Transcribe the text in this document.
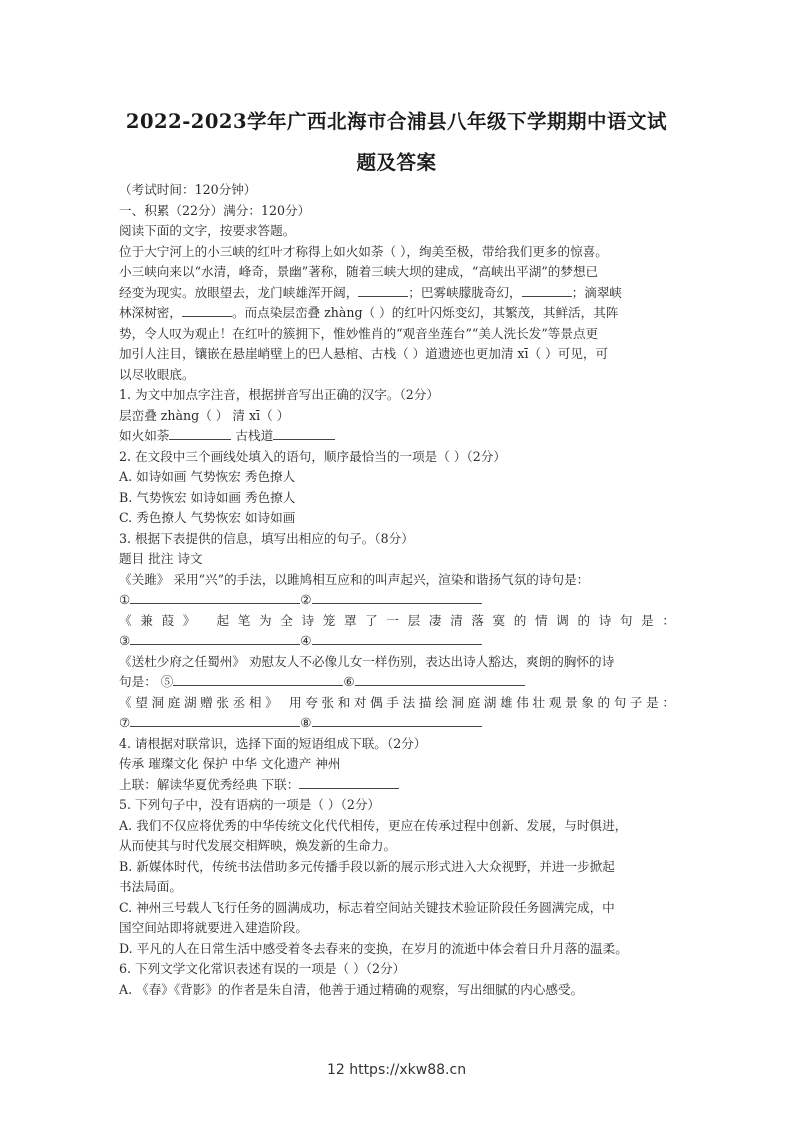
2022-2023学年广西北海市合浦县八年级下学期期中语文试
题及答案
（考试时间：120分钟）
一、积累（22分）满分：120分）
阅读下面的文字，按要求答题。
位于大宁河上的小三峡的红叶才称得上如火如荼（ ），绚美至极，带给我们更多的惊喜。
小三峡向来以“水清，峰奇，景幽”著称，随着三峡大坝的建成，“高峡出平湖”的梦想已
经变为现实。放眼望去，龙门峡雄浑开阔，	；巴雾峡朦胧奇幻，	；滴翠峡
林深树密，	。而点染层峦叠 zhàng（ ）的红叶闪烁变幻，其繁茂，其鲜活，其阵
势，令人叹为观止！在红叶的簇拥下，惟妙惟肖的“观音坐莲台”“美人洗长发”等景点更
加引人注目，镶嵌在悬崖峭壁上的巴人悬棺、古栈（ ）道遗迹也更加清 xī（ ）可见，可
以尽收眼底。
1. 为文中加点字注音，根据拼音写出正确的汉字。（2分）
层峦叠 zhàng（ ） 清 xī（ ）
如火如荼	古栈道
2. 在文段中三个画线处填入的语句，顺序最恰当的一项是（ ）（2分）
A. 如诗如画 气势恢宏 秀色撩人
B. 气势恢宏 如诗如画 秀色撩人
C. 秀色撩人 气势恢宏 如诗如画
3. 根据下表提供的信息，填写出相应的句子。（8分）
题目 批注 诗文
《关雎》 采用“兴”的手法，以雎鸠相互应和的叫声起兴，渲染和谐扬气氛的诗句是：
①	②
《兼葭》 起笔为全诗笼罩了一层凄清落寞的情调的诗句是：
③	④
《送杜少府之任蜀州》 劝慰友人不必像儿女一样伤别，表达出诗人豁达，爽朗的胸怀的诗
句是： ⑤	⑥
《望洞庭湖赠张丞相》 用夸张和对偶手法描绘洞庭湖雄伟壮观景象的句子是：
⑦	⑧
4. 请根据对联常识，选择下面的短语组成下联。（2分）
传承 璀璨文化 保护 中华 文化遗产 神州
上联：解读华夏优秀经典 下联：
5. 下列句子中，没有语病的一项是（ ）（2分）
A. 我们不仅应将优秀的中华传统文化代代相传，更应在传承过程中创新、发展，与时俱进，
从而使其与时代发展交相辉映，焕发新的生命力。
B. 新媒体时代，传统书法借助多元传播手段以新的展示形式进入大众视野，并进一步掀起
书法局面。
C. 神州三号载人飞行任务的圆满成功，标志着空间站关键技术验证阶段任务圆满完成，中
国空间站即将就要进入建造阶段。
D. 平凡的人在日常生活中感受着冬去春来的变换，在岁月的流逝中体会着日升月落的温柔。
6. 下列文学文化常识表述有误的一项是（ ）（2分）
A. 《春》《背影》的作者是朱自清，他善于通过精确的观察，写出细腻的内心感受。
12 https://xkw88.cn
